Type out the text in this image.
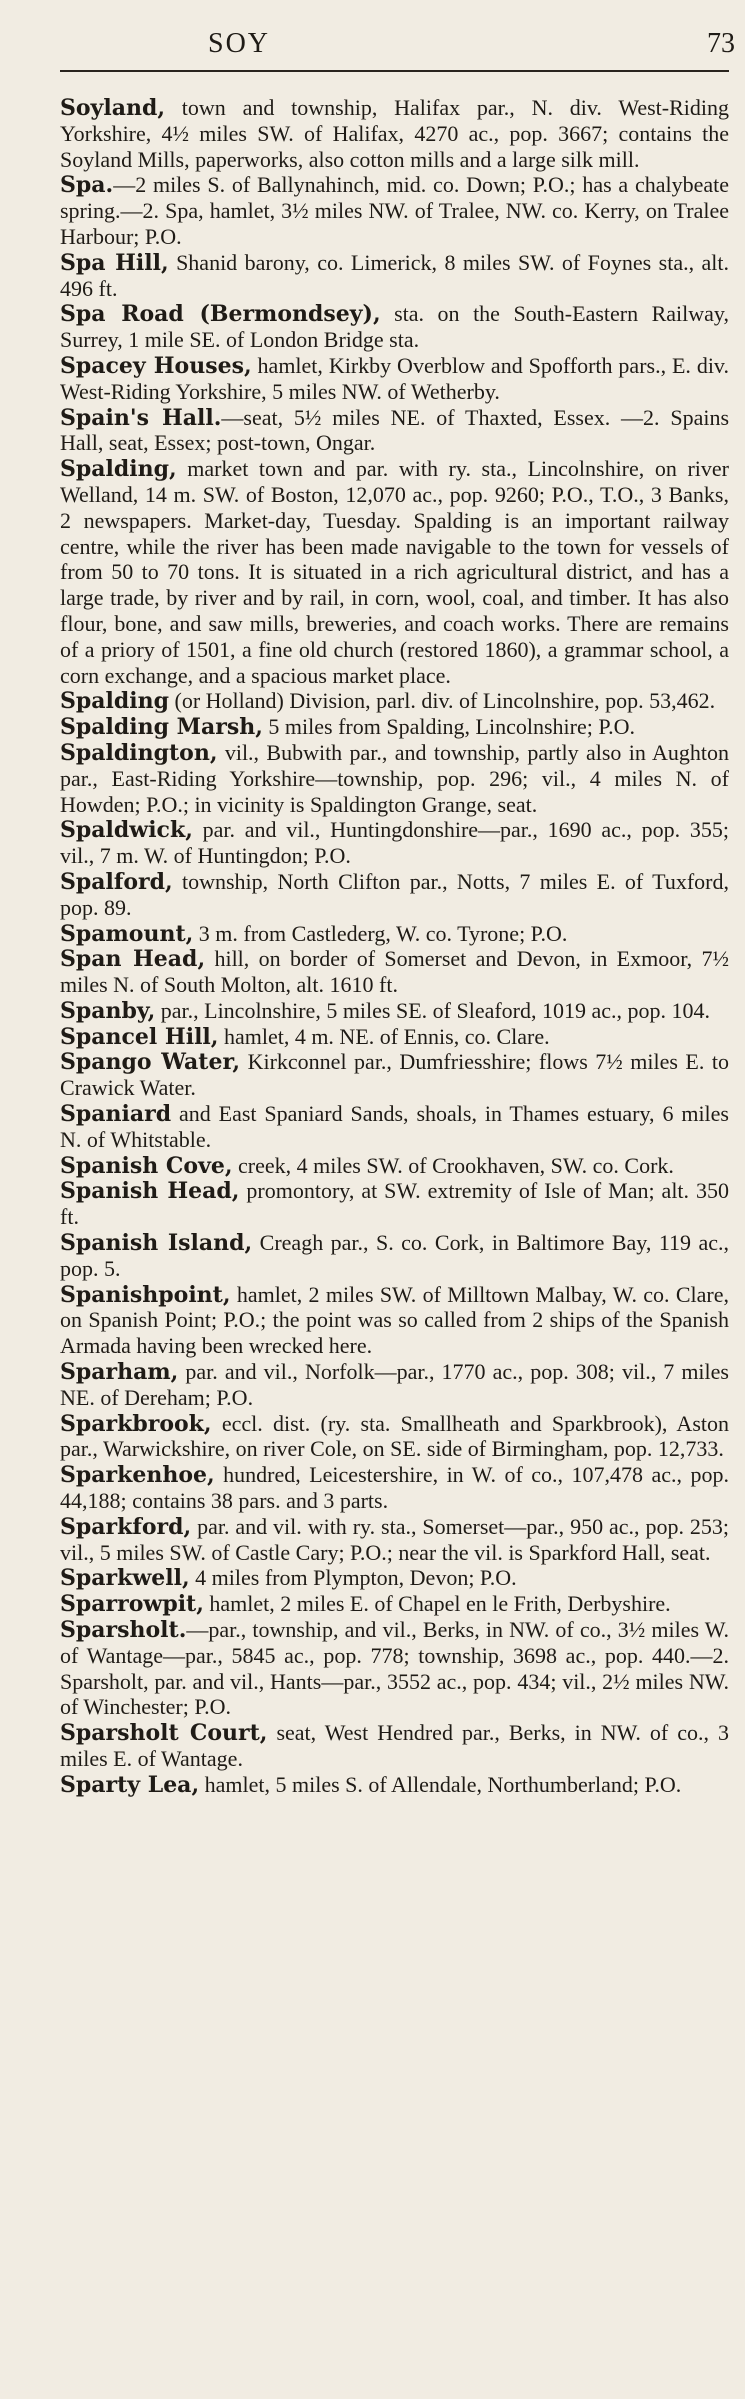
SOY	73

Soyland, town and township, Halifax par., N. div. West-Riding Yorkshire, 4½ miles SW. of Halifax, 4270 ac., pop. 3667; contains the Soyland Mills, paperworks, also cotton mills and a large silk mill.

Spa.—2 miles S. of Ballynahinch, mid. co. Down; P.O.; has a chalybeate spring.—2. Spa, hamlet, 3½ miles NW. of Tralee, NW. co. Kerry, on Tralee Harbour; P.O.

Spa Hill, Shanid barony, co. Limerick, 8 miles SW. of Foynes sta., alt. 496 ft.

Spa Road (Bermondsey), sta. on the South-Eastern Railway, Surrey, 1 mile SE. of London Bridge sta.

Spacey Houses, hamlet, Kirkby Overblow and Spofforth pars., E. div. West-Riding Yorkshire, 5 miles NW. of Wetherby.

Spain's Hall.—seat, 5½ miles NE. of Thaxted, Essex. —2. Spains Hall, seat, Essex; post-town, Ongar.

Spalding, market town and par. with ry. sta., Lincolnshire, on river Welland, 14 m. SW. of Boston, 12,070 ac., pop. 9260; P.O., T.O., 3 Banks, 2 newspapers. Market-day, Tuesday. Spalding is an important railway centre, while the river has been made navigable to the town for vessels of from 50 to 70 tons. It is situated in a rich agricultural district, and has a large trade, by river and by rail, in corn, wool, coal, and timber. It has also flour, bone, and saw mills, breweries, and coach works. There are remains of a priory of 1501, a fine old church (restored 1860), a grammar school, a corn exchange, and a spacious market place.

Spalding (or Holland) Division, parl. div. of Lincolnshire, pop. 53,462.

Spalding Marsh, 5 miles from Spalding, Lincolnshire; P.O.

Spaldington, vil., Bubwith par., and township, partly also in Aughton par., East-Riding Yorkshire—township, pop. 296; vil., 4 miles N. of Howden; P.O.; in vicinity is Spaldington Grange, seat.

Spaldwick, par. and vil., Huntingdonshire—par., 1690 ac., pop. 355; vil., 7 m. W. of Huntingdon; P.O.

Spalford, township, North Clifton par., Notts, 7 miles E. of Tuxford, pop. 89.

Spamount, 3 m. from Castlederg, W. co. Tyrone; P.O.

Span Head, hill, on border of Somerset and Devon, in Exmoor, 7½ miles N. of South Molton, alt. 1610 ft.

Spanby, par., Lincolnshire, 5 miles SE. of Sleaford, 1019 ac., pop. 104.

Spancel Hill, hamlet, 4 m. NE. of Ennis, co. Clare.

Spango Water, Kirkconnel par., Dumfriesshire; flows 7½ miles E. to Crawick Water.

Spaniard and East Spaniard Sands, shoals, in Thames estuary, 6 miles N. of Whitstable.

Spanish Cove, creek, 4 miles SW. of Crookhaven, SW. co. Cork.

Spanish Head, promontory, at SW. extremity of Isle of Man; alt. 350 ft.

Spanish Island, Creagh par., S. co. Cork, in Baltimore Bay, 119 ac., pop. 5.

Spanishpoint, hamlet, 2 miles SW. of Milltown Malbay, W. co. Clare, on Spanish Point; P.O.; the point was so called from 2 ships of the Spanish Armada having been wrecked here.

Sparham, par. and vil., Norfolk—par., 1770 ac., pop. 308; vil., 7 miles NE. of Dereham; P.O.

Sparkbrook, eccl. dist. (ry. sta. Smallheath and Sparkbrook), Aston par., Warwickshire, on river Cole, on SE. side of Birmingham, pop. 12,733.

Sparkenhoe, hundred, Leicestershire, in W. of co., 107,478 ac., pop. 44,188; contains 38 pars. and 3 parts.

Sparkford, par. and vil. with ry. sta., Somerset—par., 950 ac., pop. 253; vil., 5 miles SW. of Castle Cary; P.O.; near the vil. is Sparkford Hall, seat.

Sparkwell, 4 miles from Plympton, Devon; P.O.

Sparrowpit, hamlet, 2 miles E. of Chapel en le Frith, Derbyshire.

Sparsholt.—par., township, and vil., Berks, in NW. of co., 3½ miles W. of Wantage—par., 5845 ac., pop. 778; township, 3698 ac., pop. 440.—2. Sparsholt, par. and vil., Hants—par., 3552 ac., pop. 434; vil., 2½ miles NW. of Winchester; P.O.

Sparsholt Court, seat, West Hendred par., Berks, in NW. of co., 3 miles E. of Wantage.

Sparty Lea, hamlet, 5 miles S. of Allendale, Northumberland; P.O.
